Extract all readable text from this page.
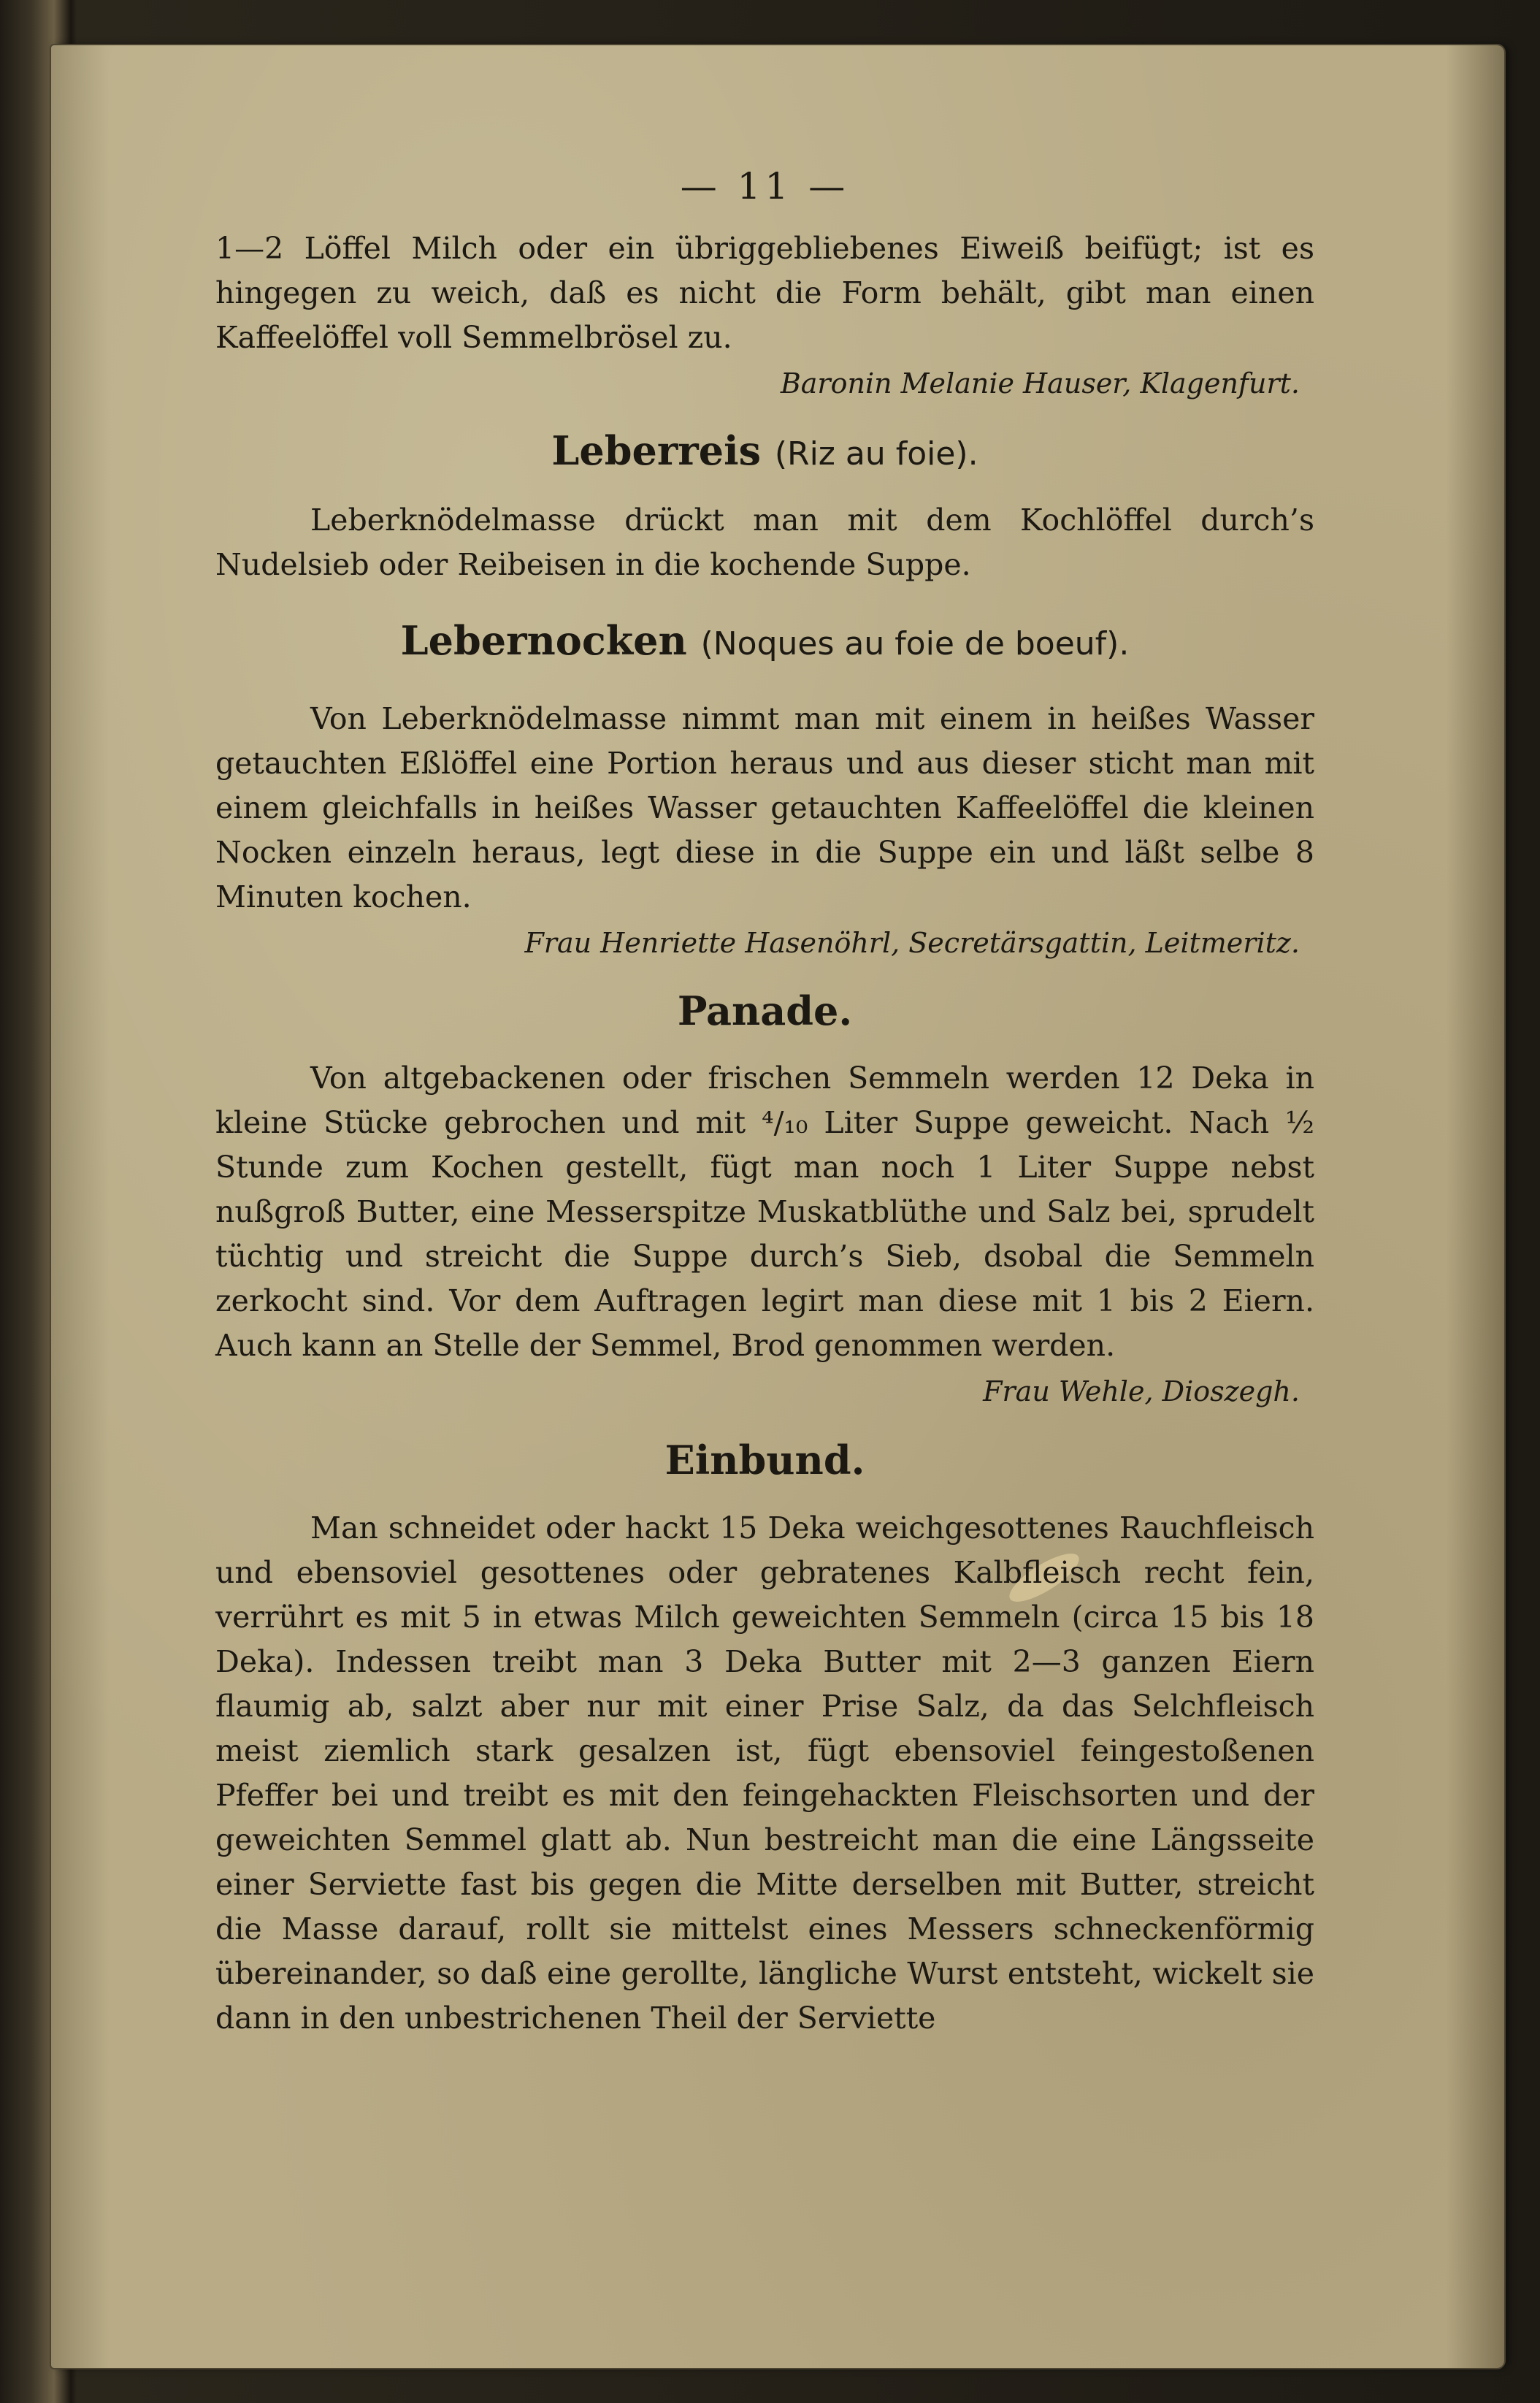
— 11 —

1—2 Löffel Milch oder ein übriggebliebenes Eiweiß beifügt; ist es hingegen zu weich, daß es nicht die Form behält, gibt man einen Kaffeelöffel voll Semmelbrösel zu.

Baronin Melanie Hauser, Klagenfurt.
Leberreis (Riz au foie).

Leberknödelmasse drückt man mit dem Kochlöffel durch’s Nudelsieb oder Reibeisen in die kochende Suppe.

Lebernocken (Noques au foie de boeuf).

Von Leberknödelmasse nimmt man mit einem in heißes Wasser getauchten Eßlöffel eine Portion heraus und aus dieser sticht man mit einem gleichfalls in heißes Wasser getauchten Kaffeelöffel die kleinen Nocken einzeln heraus, legt diese in die Suppe ein und läßt selbe 8 Minuten kochen.

Frau Henriette Hasenöhrl, Secretärsgattin, Leitmeritz.
Panade.

Von altgebackenen oder frischen Semmeln werden 12 Deka in kleine Stücke gebrochen und mit ⁴/₁₀ Liter Suppe geweicht. Nach ½ Stunde zum Kochen gestellt, fügt man noch 1 Liter Suppe nebst nußgroß Butter, eine Messerspitze Muskatblüthe und Salz bei, sprudelt tüchtig und streicht die Suppe durch’s Sieb, dsobal die Semmeln zerkocht sind. Vor dem Auftragen legirt man diese mit 1 bis 2 Eiern. Auch kann an Stelle der Semmel, Brod genommen werden.

Frau Wehle, Dioszegh.
Einbund.

Man schneidet oder hackt 15 Deka weichgesottenes Rauchfleisch und ebensoviel gesottenes oder gebratenes Kalbfleisch recht fein, verrührt es mit 5 in etwas Milch geweichten Semmeln (circa 15 bis 18 Deka). Indessen treibt man 3 Deka Butter mit 2—3 ganzen Eiern flaumig ab, salzt aber nur mit einer Prise Salz, da das Selchfleisch meist ziemlich stark gesalzen ist, fügt ebensoviel feingestoßenen Pfeffer bei und treibt es mit den feingehackten Fleischsorten und der geweichten Semmel glatt ab. Nun bestreicht man die eine Längsseite einer Serviette fast bis gegen die Mitte derselben mit Butter, streicht die Masse darauf, rollt sie mittelst eines Messers schneckenförmig übereinander, so daß eine gerollte, längliche Wurst entsteht, wickelt sie dann in den unbestrichenen Theil der Serviette
